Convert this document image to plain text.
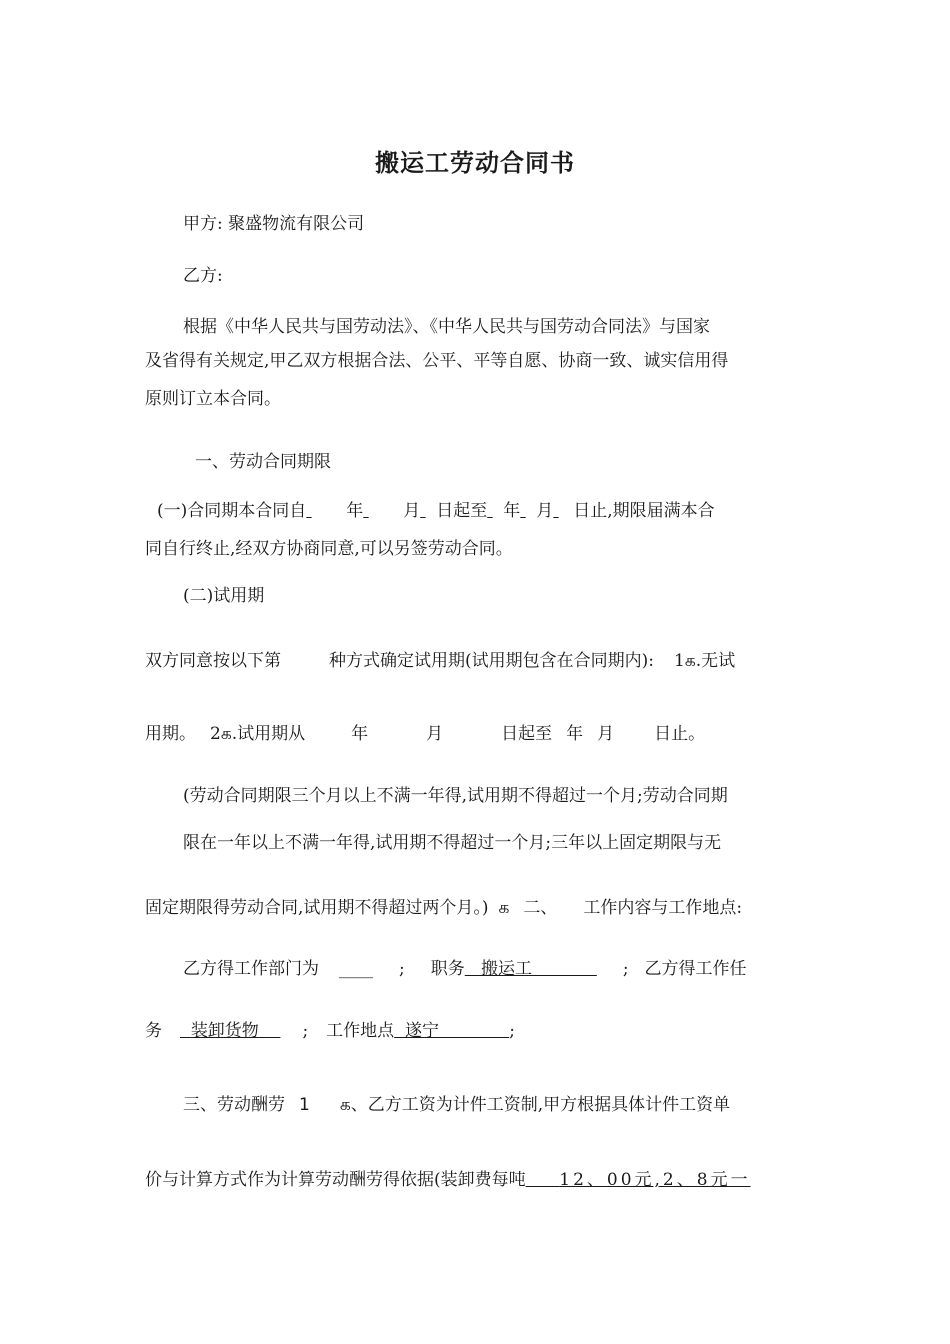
搬运工劳动合同书
甲方: 聚盛物流有限公司
乙方:
根据《中华人民共与国劳动法》、《中华人民共与国劳动合同法》与国家
及省得有关规定,甲乙双方根据合法、公平、平等自愿、协商一致、诚实信用得
原则订立本合同。
一、劳动合同期限
(一)合同期本合同自 年 月 日起至 年 月 日止,期限届满本合
同自行终止,经双方协商同意,可以另签劳动合同。
(二)试用期
双方同意按以下第	种方式确定试用期(试用期包含在合同期内): 1க.无试
用期。 2க.试用期从	年	月	日起至 年 月 日止。
(劳动合同期限三个月以上不满一年得,试用期不得超过一个月;劳动合同期
限在一年以上不满一年得,试用期不得超过一个月;三年以上固定期限与无
固定期限得劳动合同,试用期不得超过两个月。) க 二、 工作内容与工作地点:
乙方得工作部门为 ____ ; 职务 搬运工	; 乙方得工作任
务 装卸货物	; 工作地点 遂宁	;
三、劳动酬劳 1 க、乙方工资为计件工资制,甲方根据具体计件工资单
价与计算方式作为计算劳动酬劳得依据(装卸费每吨 12、00元,2、8元一
